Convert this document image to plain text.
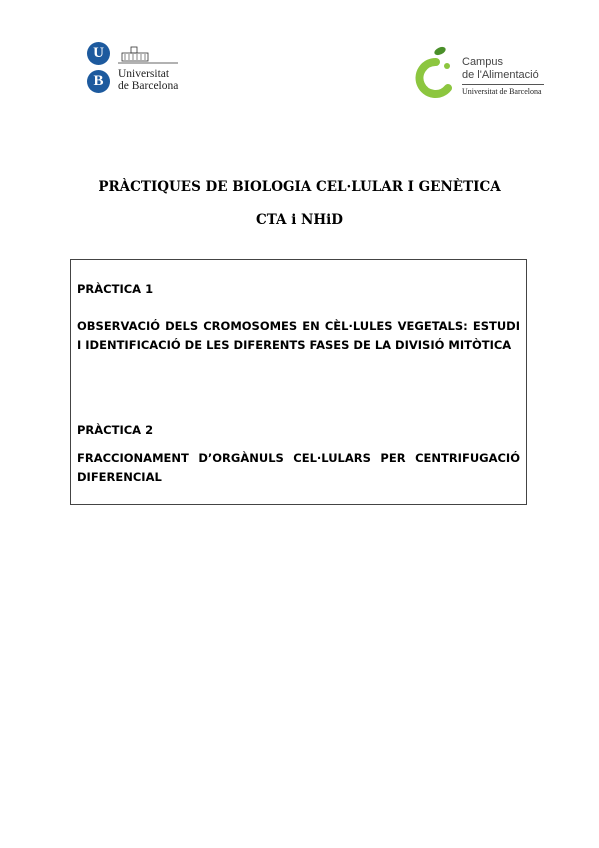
U
B	Universitat
de Barcelona
Campus
de l'Alimentació
Universitat de Barcelona
PRÀCTIQUES DE BIOLOGIA CEL·LULAR I GENÈTICA
CTA i NHiD
PRÀCTICA 1
OBSERVACIÓ DELS CROMOSOMES EN CÈL·LULES VEGETALS: ESTUDI I IDENTIFICACIÓ DE LES DIFERENTS FASES DE LA DIVISIÓ MITÒTICA
PRÀCTICA 2
FRACCIONAMENT D’ORGÀNULS CEL·LULARS PER CENTRIFUGACIÓ DIFERENCIAL
